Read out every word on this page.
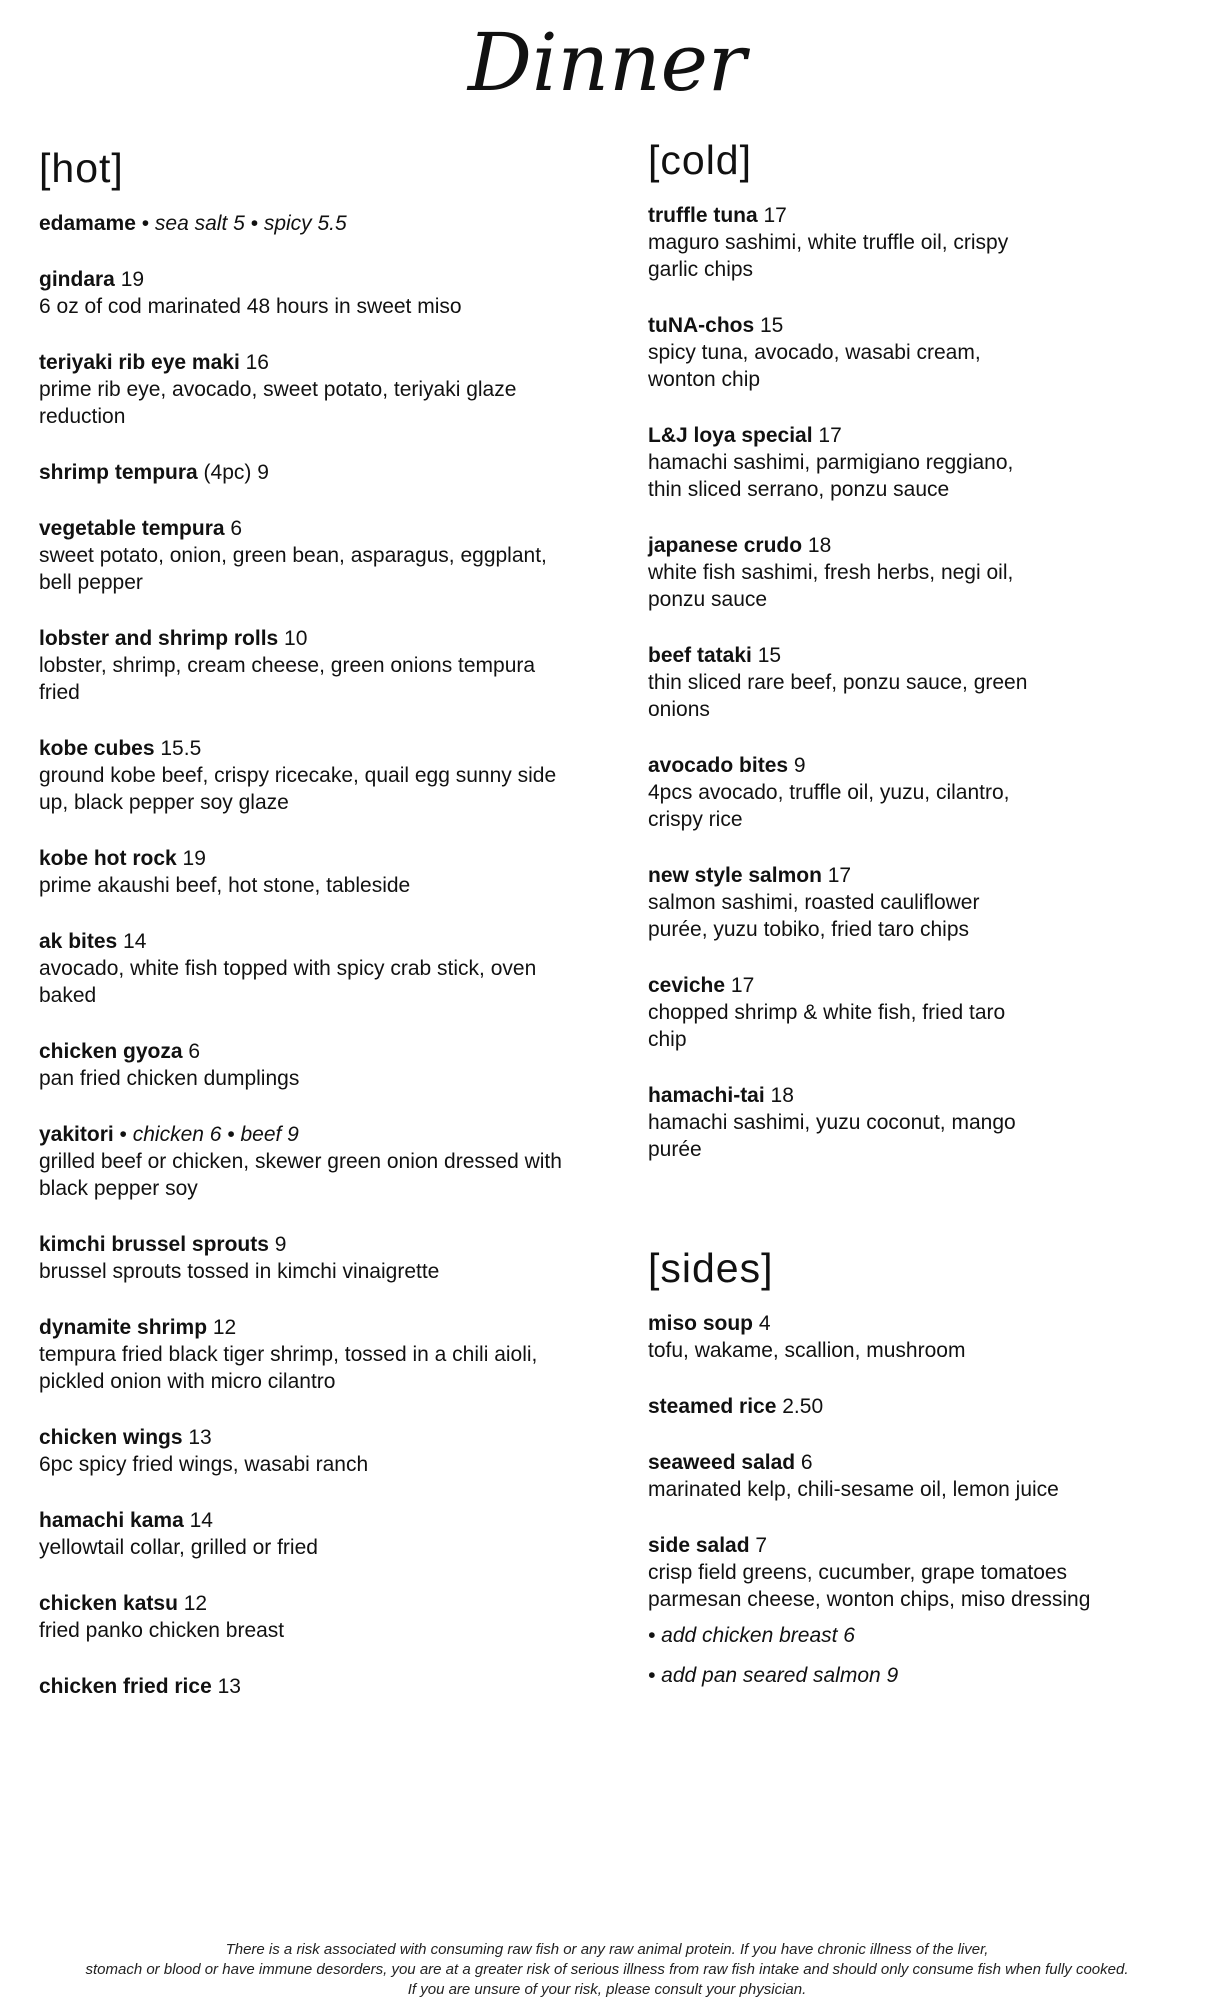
Dinner
[hot]
edamame • sea salt 5 • spicy 5.5
gindara 19
6 oz of cod marinated 48 hours in sweet miso
teriyaki rib eye maki 16
prime rib eye, avocado, sweet potato, teriyaki glaze reduction
shrimp tempura (4pc) 9
vegetable tempura 6
sweet potato, onion, green bean, asparagus, eggplant, bell pepper
lobster and shrimp rolls 10
lobster, shrimp, cream cheese, green onions tempura fried
kobe cubes 15.5
ground kobe beef, crispy ricecake, quail egg sunny side up, black pepper soy glaze
kobe hot rock 19
prime akaushi beef, hot stone, tableside
ak bites 14
avocado, white fish topped with spicy crab stick, oven baked
chicken gyoza 6
pan fried chicken dumplings
yakitori • chicken 6 • beef 9
grilled beef or chicken, skewer green onion dressed with black pepper soy
kimchi brussel sprouts 9
brussel sprouts tossed in kimchi vinaigrette
dynamite shrimp 12
tempura fried black tiger shrimp, tossed in a chili aioli, pickled onion with micro cilantro
chicken wings 13
6pc spicy fried wings, wasabi ranch
hamachi kama 14
yellowtail collar, grilled or fried
chicken katsu 12
fried panko chicken breast
chicken fried rice 13
[cold]
truffle tuna 17
maguro sashimi, white truffle oil, crispy garlic chips
tuNA-chos 15
spicy tuna, avocado, wasabi cream, wonton chip
L&J loya special 17
hamachi sashimi, parmigiano reggiano, thin sliced serrano, ponzu sauce
japanese crudo 18
white fish sashimi, fresh herbs, negi oil, ponzu sauce
beef tataki 15
thin sliced rare beef, ponzu sauce, green onions
avocado bites 9
4pcs avocado, truffle oil, yuzu, cilantro, crispy rice
new style salmon 17
salmon sashimi, roasted cauliflower purée, yuzu tobiko, fried taro chips
ceviche 17
chopped shrimp & white fish, fried taro chip
hamachi-tai 18
hamachi sashimi, yuzu coconut, mango purée
[sides]
miso soup 4
tofu, wakame, scallion, mushroom
steamed rice 2.50
seaweed salad 6
marinated kelp, chili-sesame oil, lemon juice
side salad 7
crisp field greens, cucumber, grape tomatoes parmesan cheese, wonton chips, miso dressing
• add chicken breast 6
• add pan seared salmon 9
There is a risk associated with consuming raw fish or any raw animal protein. If you have chronic illness of the liver,
stomach or blood or have immune desorders, you are at a greater risk of serious illness from raw fish intake and should only consume fish when fully cooked.
If you are unsure of your risk, please consult your physician.
